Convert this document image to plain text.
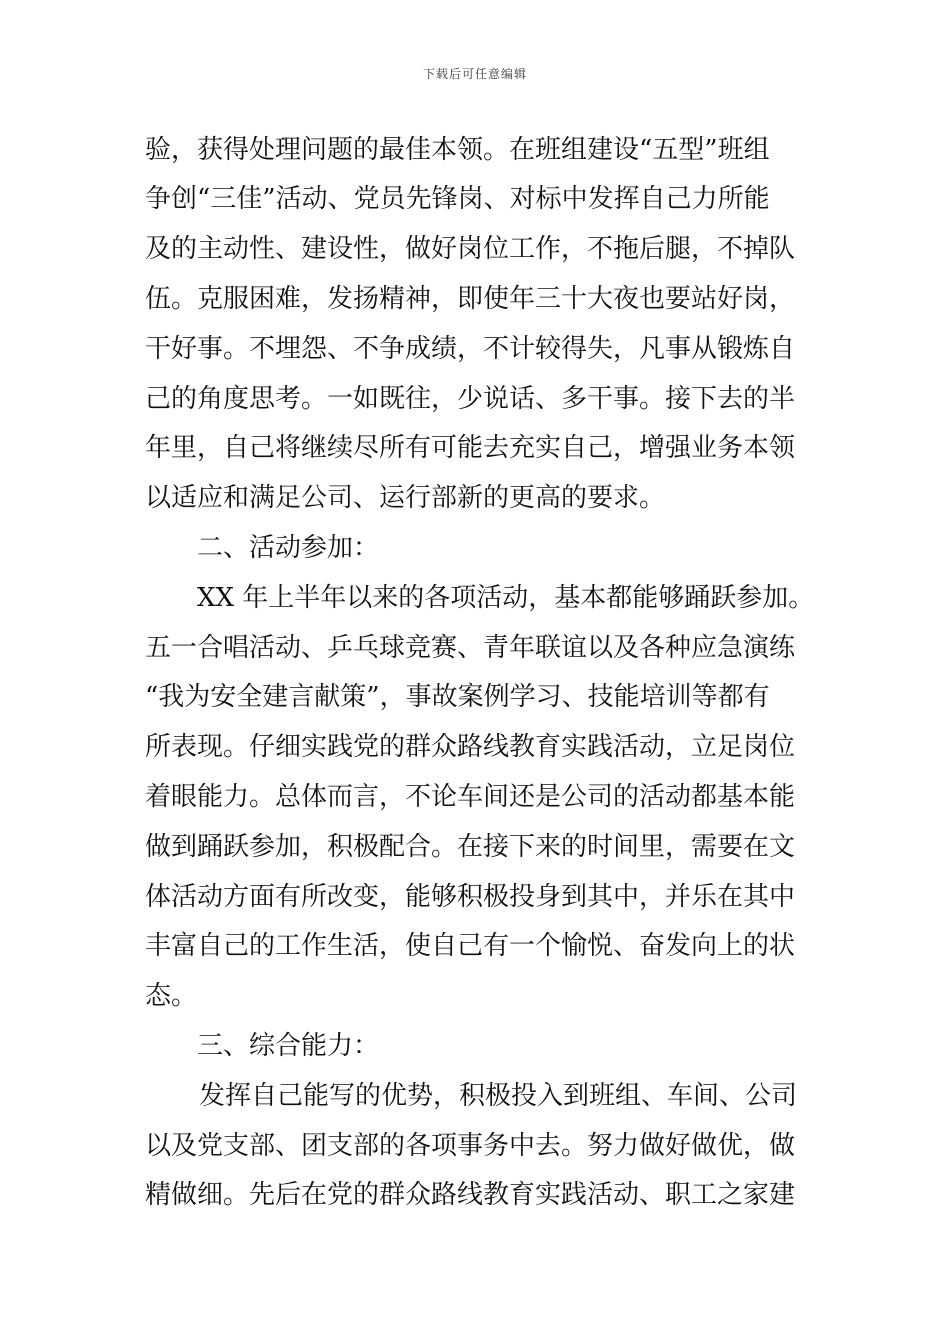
下载后可任意编辑
验，获得处理问题的最佳本领。在班组建设“五型”班组
争创“三佳”活动、党员先锋岗、对标中发挥自己力所能
及的主动性、建设性，做好岗位工作，不拖后腿，不掉队
伍。克服困难，发扬精神，即使年三十大夜也要站好岗，
干好事。不埋怨、不争成绩，不计较得失，凡事从锻炼自
己的角度思考。一如既往，少说话、多干事。接下去的半
年里，自己将继续尽所有可能去充实自己，增强业务本领
以适应和满足公司、运行部新的更高的要求。
二、活动参加：
XX 年上半年以来的各项活动，基本都能够踊跃参加。
五一合唱活动、乒乓球竞赛、青年联谊以及各种应急演练
“我为安全建言献策”，事故案例学习、技能培训等都有
所表现。仔细实践党的群众路线教育实践活动，立足岗位
着眼能力。总体而言，不论车间还是公司的活动都基本能
做到踊跃参加，积极配合。在接下来的时间里，需要在文
体活动方面有所改变，能够积极投身到其中，并乐在其中
丰富自己的工作生活，使自己有一个愉悦、奋发向上的状
态。
三、综合能力：
发挥自己能写的优势，积极投入到班组、车间、公司
以及党支部、团支部的各项事务中去。努力做好做优，做
精做细。先后在党的群众路线教育实践活动、职工之家建
